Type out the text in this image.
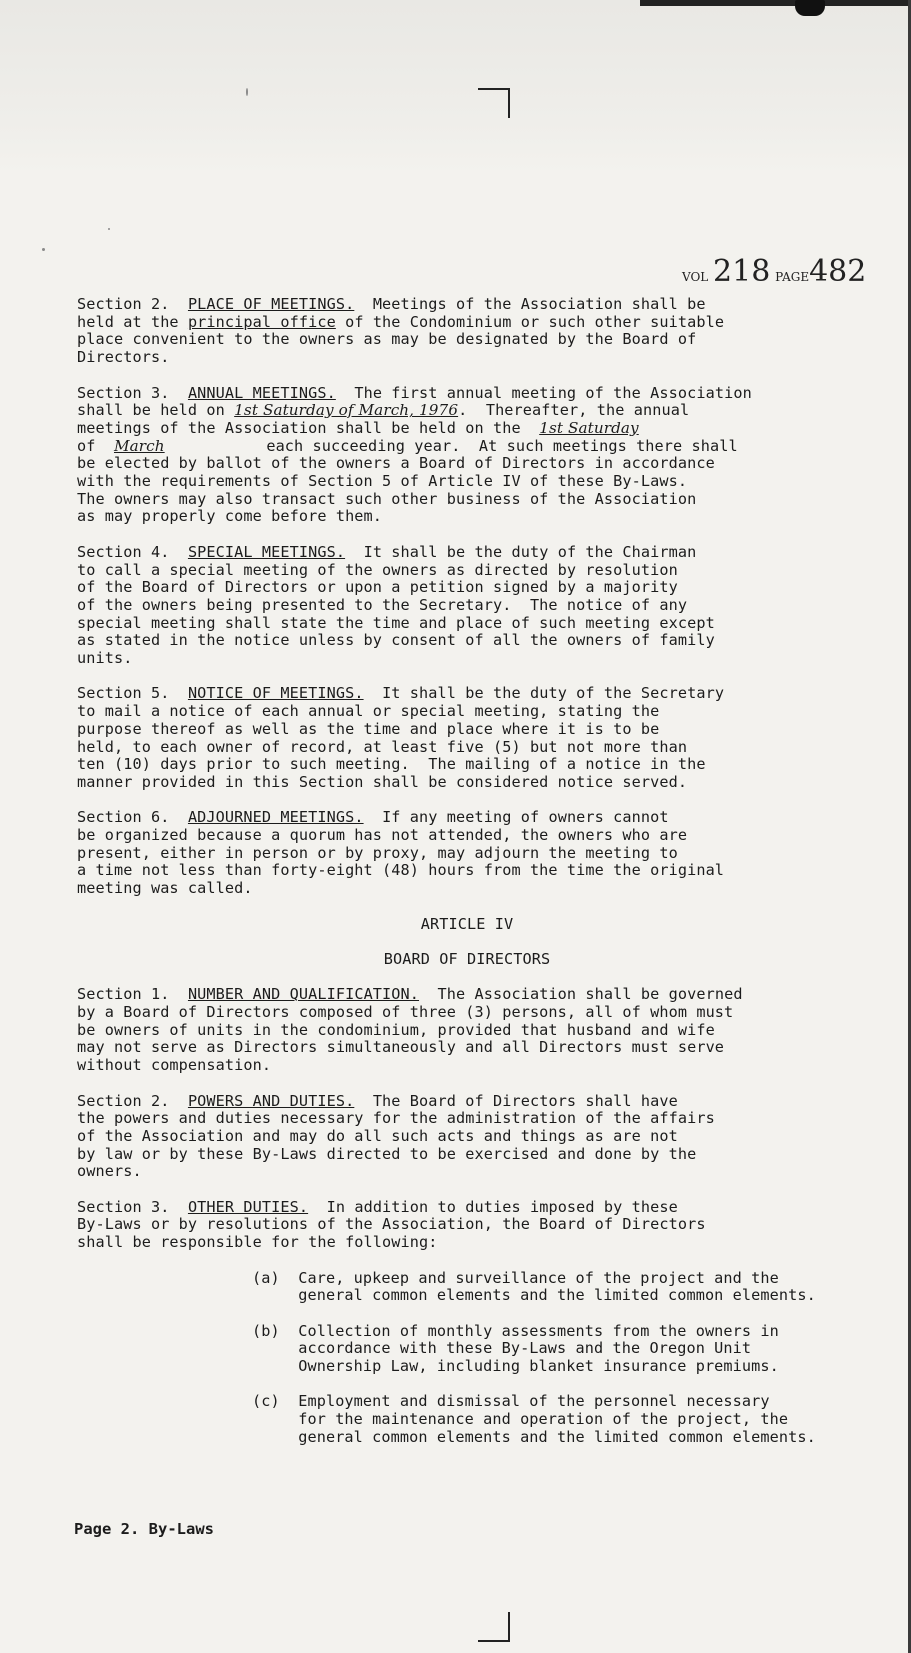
VOL 218 PAGE482
Section 2.  PLACE OF MEETINGS.  Meetings of the Association shall be
held at the principal office of the Condominium or such other suitable
place convenient to the owners as may be designated by the Board of
Directors.
Section 3.  ANNUAL MEETINGS.  The first annual meeting of the Association
shall be held on 1st Saturday of March, 1976.  Thereafter, the annual
meetings of the Association shall be held on the  1st Saturday
of  March           each succeeding year.  At such meetings there shall
be elected by ballot of the owners a Board of Directors in accordance
with the requirements of Section 5 of Article IV of these By-Laws.
The owners may also transact such other business of the Association
as may properly come before them.
Section 4.  SPECIAL MEETINGS.  It shall be the duty of the Chairman
to call a special meeting of the owners as directed by resolution
of the Board of Directors or upon a petition signed by a majority
of the owners being presented to the Secretary.  The notice of any
special meeting shall state the time and place of such meeting except
as stated in the notice unless by consent of all the owners of family
units.
Section 5.  NOTICE OF MEETINGS.  It shall be the duty of the Secretary
to mail a notice of each annual or special meeting, stating the
purpose thereof as well as the time and place where it is to be
held, to each owner of record, at least five (5) but not more than
ten (10) days prior to such meeting.  The mailing of a notice in the
manner provided in this Section shall be considered notice served.
Section 6.  ADJOURNED MEETINGS.  If any meeting of owners cannot
be organized because a quorum has not attended, the owners who are
present, either in person or by proxy, may adjourn the meeting to
a time not less than forty-eight (48) hours from the time the original
meeting was called.
ARTICLE IV
BOARD OF DIRECTORS
Section 1.  NUMBER AND QUALIFICATION.  The Association shall be governed
by a Board of Directors composed of three (3) persons, all of whom must
be owners of units in the condominium, provided that husband and wife
may not serve as Directors simultaneously and all Directors must serve
without compensation.
Section 2.  POWERS AND DUTIES.  The Board of Directors shall have
the powers and duties necessary for the administration of the affairs
of the Association and may do all such acts and things as are not
by law or by these By-Laws directed to be exercised and done by the
owners.
Section 3.  OTHER DUTIES.  In addition to duties imposed by these
By-Laws or by resolutions of the Association, the Board of Directors
shall be responsible for the following:
(a)  Care, upkeep and surveillance of the project and the
general common elements and the limited common elements.
(b)  Collection of monthly assessments from the owners in
accordance with these By-Laws and the Oregon Unit
Ownership Law, including blanket insurance premiums.
(c)  Employment and dismissal of the personnel necessary
for the maintenance and operation of the project, the
general common elements and the limited common elements.
Page 2. By-Laws
